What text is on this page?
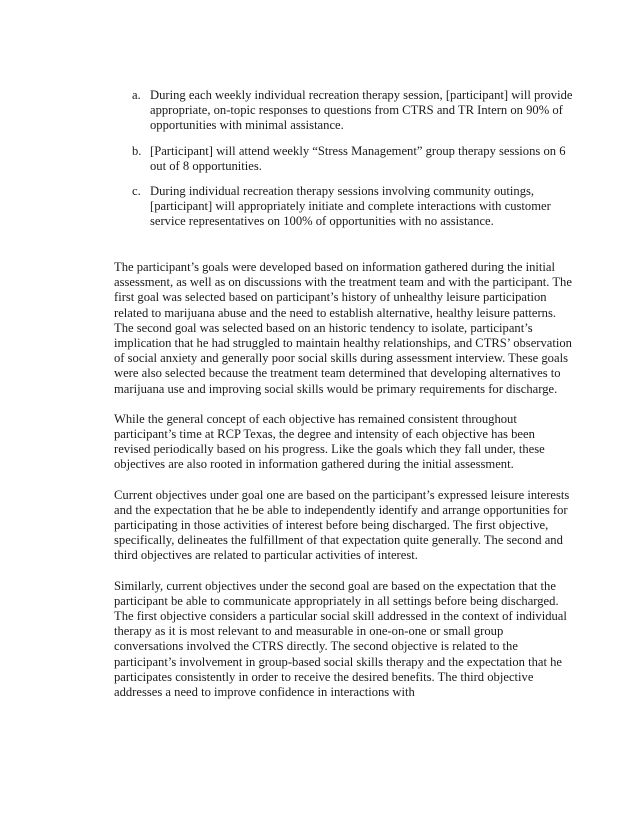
a. During each weekly individual recreation therapy session, [participant] will provide appropriate, on-topic responses to questions from CTRS and TR Intern on 90% of opportunities with minimal assistance.
b. [Participant] will attend weekly “Stress Management” group therapy sessions on 6 out of 8 opportunities.
c. During individual recreation therapy sessions involving community outings, [participant] will appropriately initiate and complete interactions with customer service representatives on 100% of opportunities with no assistance.

The participant’s goals were developed based on information gathered during the initial assessment, as well as on discussions with the treatment team and with the participant. The first goal was selected based on participant’s history of unhealthy leisure participation related to marijuana abuse and the need to establish alternative, healthy leisure patterns. The second goal was selected based on an historic tendency to isolate, participant’s implication that he had struggled to maintain healthy relationships, and CTRS’ observation of social anxiety and generally poor social skills during assessment interview. These goals were also selected because the treatment team determined that developing alternatives to marijuana use and improving social skills would be primary requirements for discharge.

While the general concept of each objective has remained consistent throughout participant’s time at RCP Texas, the degree and intensity of each objective has been revised periodically based on his progress. Like the goals which they fall under, these objectives are also rooted in information gathered during the initial assessment.

Current objectives under goal one are based on the participant’s expressed leisure interests and the expectation that he be able to independently identify and arrange opportunities for participating in those activities of interest before being discharged. The first objective, specifically, delineates the fulfillment of that expectation quite generally. The second and third objectives are related to particular activities of interest.

Similarly, current objectives under the second goal are based on the expectation that the participant be able to communicate appropriately in all settings before being discharged. The first objective considers a particular social skill addressed in the context of individual therapy as it is most relevant to and measurable in one-on-one or small group conversations involved the CTRS directly. The second objective is related to the participant’s involvement in group-based social skills therapy and the expectation that he participates consistently in order to receive the desired benefits. The third objective addresses a need to improve confidence in interactions with
